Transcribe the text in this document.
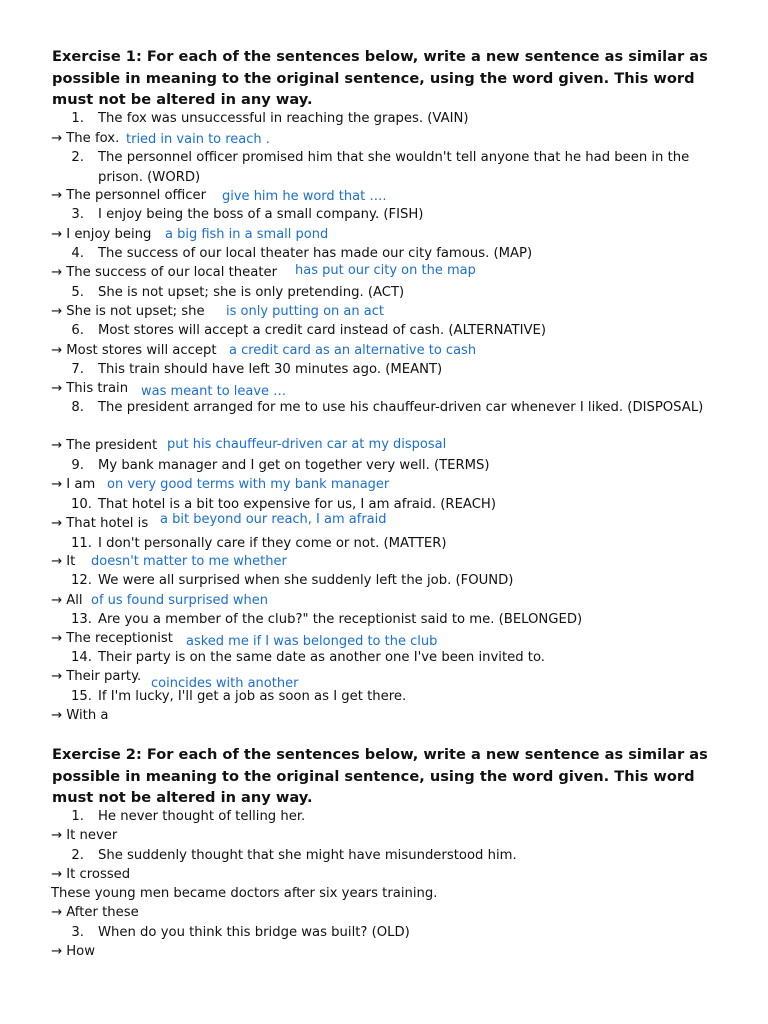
Exercise 1: For each of the sentences below, write a new sentence as similar as possible in meaning to the original sentence, using the word given. This word must not be altered in any way.
1. The fox was unsuccessful in reaching the grapes. (VAIN)
→ The fox. tried in vain to reach .
2. The personnel officer promised him that she wouldn't tell anyone that he had been in the prison. (WORD)
→ The personnel officer give him he word that ….
3. I enjoy being the boss of a small company. (FISH)
→ I enjoy being a big fish in a small pond
4. The success of our local theater has made our city famous. (MAP)
→ The success of our local theater has put our city on the map
5. She is not upset; she is only pretending. (ACT)
→ She is not upset; she is only putting on an act
6. Most stores will accept a credit card instead of cash. (ALTERNATIVE)
→ Most stores will accept a credit card as an alternative to cash
7. This train should have left 30 minutes ago. (MEANT)
→ This train was meant to leave …
8. The president arranged for me to use his chauffeur-driven car whenever I liked. (DISPOSAL)
→ The president put his chauffeur-driven car at my disposal
9. My bank manager and I get on together very well. (TERMS)
→ I am on very good terms with my bank manager
10. That hotel is a bit too expensive for us, I am afraid. (REACH)
→ That hotel is a bit beyond our reach, I am afraid
11. I don't personally care if they come or not. (MATTER)
→ It doesn't matter to me whether
12. We were all surprised when she suddenly left the job. (FOUND)
→ All of us found surprised when
13. Are you a member of the club?" the receptionist said to me. (BELONGED)
→ The receptionist asked me if I was belonged to the club
14. Their party is on the same date as another one I've been invited to.
→ Their party. coincides with another
15. If I'm lucky, I'll get a job as soon as I get there.
→ With a
Exercise 2: For each of the sentences below, write a new sentence as similar as possible in meaning to the original sentence, using the word given. This word must not be altered in any way.
1. He never thought of telling her.
→ It never
2. She suddenly thought that she might have misunderstood him.
→ It crossed
These young men became doctors after six years training.
→ After these
3. When do you think this bridge was built? (OLD)
→ How
